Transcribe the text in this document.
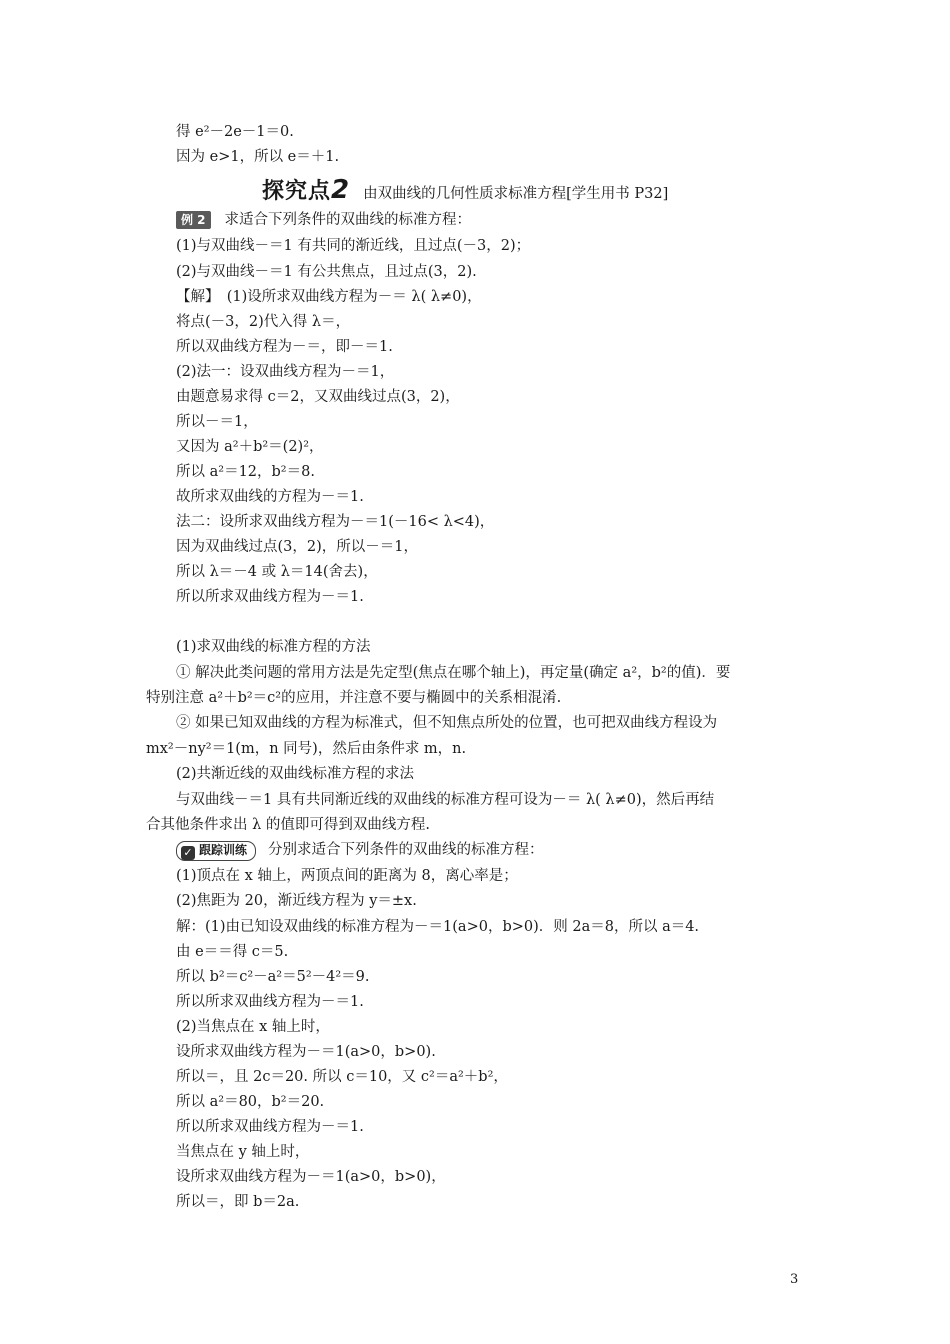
得 e²－2e－1＝0.
因为 e>1，所以 e＝＋1.
探究点2 由双曲线的几何性质求标准方程[学生用书 P32]
例 2 求适合下列条件的双曲线的标准方程：
(1)与双曲线－＝1 有共同的渐近线，且过点(－3，2)；
(2)与双曲线－＝1 有公共焦点，且过点(3，2).
【解】　(1)设所求双曲线方程为－＝ λ( λ≠0)，
将点(－3，2)代入得 λ＝，
所以双曲线方程为－＝，即－＝1.
(2)法一：设双曲线方程为－＝1，
由题意易求得 c＝2，又双曲线过点(3，2)，
所以－＝1，
又因为 a²＋b²＝(2)²，
所以 a²＝12，b²＝8.
故所求双曲线的方程为－＝1.
法二：设所求双曲线方程为－＝1(－16< λ<4)，
因为双曲线过点(3，2)，所以－＝1，
所以 λ＝－4 或 λ＝14(舍去)，
所以所求双曲线方程为－＝1.
(1)求双曲线的标准方程的方法
① 解决此类问题的常用方法是先定型(焦点在哪个轴上)，再定量(确定 a²，b²的值)．要
特别注意 a²＋b²＝c²的应用，并注意不要与椭圆中的关系相混淆.
② 如果已知双曲线的方程为标准式，但不知焦点所处的位置，也可把双曲线方程设为
mx²－ny²＝1(m，n 同号)，然后由条件求 m，n.
(2)共渐近线的双曲线标准方程的求法
与双曲线－＝1 具有共同渐近线的双曲线的标准方程可设为－＝ λ( λ≠0)，然后再结
合其他条件求出 λ 的值即可得到双曲线方程.
✓ 跟踪训练 分别求适合下列条件的双曲线的标准方程：
(1)顶点在 x 轴上，两顶点间的距离为 8，离心率是；
(2)焦距为 20，渐近线方程为 y＝±x.
解：(1)由已知设双曲线的标准方程为－＝1(a>0，b>0)．则 2a＝8，所以 a＝4.
由 e＝＝得 c＝5.
所以 b²＝c²－a²＝5²－4²＝9.
所以所求双曲线方程为－＝1.
(2)当焦点在 x 轴上时，
设所求双曲线方程为－＝1(a>0，b>0).
所以＝，且 2c＝20. 所以 c＝10，又 c²＝a²＋b²，
所以 a²＝80，b²＝20.
所以所求双曲线方程为－＝1.
当焦点在 y 轴上时，
设所求双曲线方程为－＝1(a>0，b>0)，
所以＝，即 b＝2a.
3
